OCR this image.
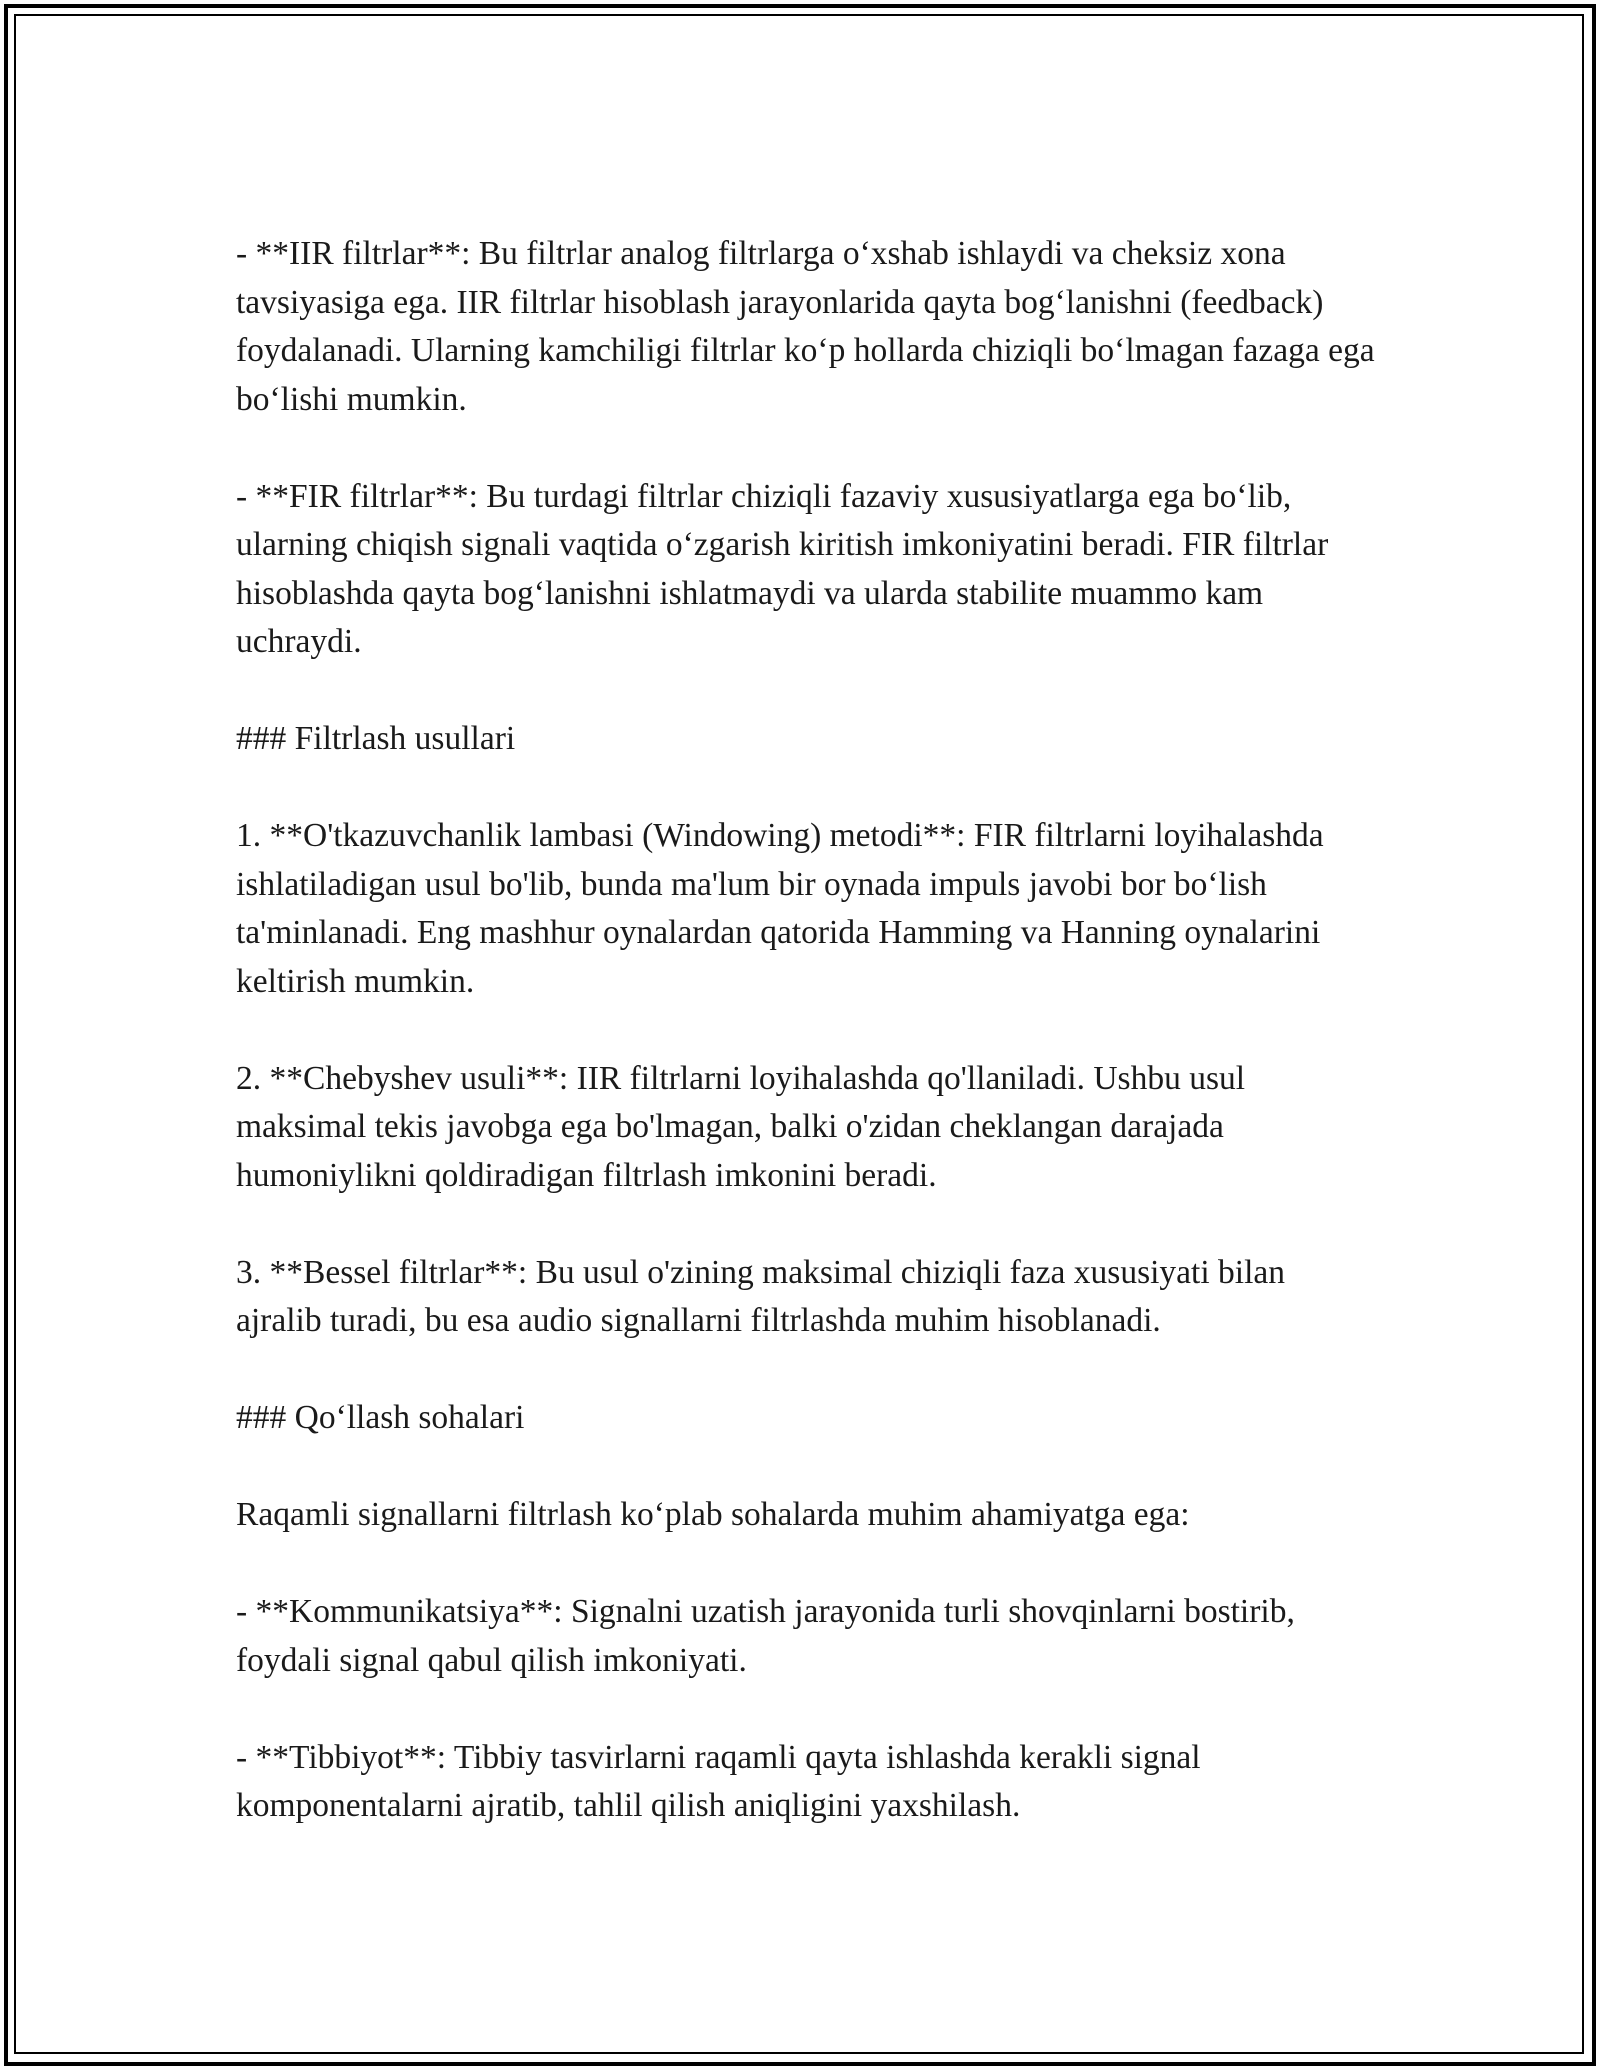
- **IIR filtrlar**: Bu filtrlar analog filtrlarga o‘xshab ishlaydi va cheksiz xona tavsiyasiga ega. IIR filtrlar hisoblash jarayonlarida qayta bog‘lanishni (feedback) foydalanadi. Ularning kamchiligi filtrlar ko‘p hollarda chiziqli bo‘lmagan fazaga ega bo‘lishi mumkin.

- **FIR filtrlar**: Bu turdagi filtrlar chiziqli fazaviy xususiyatlarga ega bo‘lib, ularning chiqish signali vaqtida o‘zgarish kiritish imkoniyatini beradi. FIR filtrlar hisoblashda qayta bog‘lanishni ishlatmaydi va ularda stabilite muammo kam uchraydi.

### Filtrlash usullari

1. **O'tkazuvchanlik lambasi (Windowing) metodi**: FIR filtrlarni loyihalashda ishlatiladigan usul bo'lib, bunda ma'lum bir oynada impuls javobi bor bo‘lish ta'minlanadi. Eng mashhur oynalardan qatorida Hamming va Hanning oynalarini keltirish mumkin.

2. **Chebyshev usuli**: IIR filtrlarni loyihalashda qo'llaniladi. Ushbu usul maksimal tekis javobga ega bo'lmagan, balki o'zidan cheklangan darajada humoniylikni qoldiradigan filtrlash imkonini beradi.

3. **Bessel filtrlar**: Bu usul o'zining maksimal chiziqli faza xususiyati bilan ajralib turadi, bu esa audio signallarni filtrlashda muhim hisoblanadi.

### Qo‘llash sohalari

Raqamli signallarni filtrlash ko‘plab sohalarda muhim ahamiyatga ega:

- **Kommunikatsiya**: Signalni uzatish jarayonida turli shovqinlarni bostirib, foydali signal qabul qilish imkoniyati.

- **Tibbiyot**: Tibbiy tasvirlarni raqamli qayta ishlashda kerakli signal komponentalarni ajratib, tahlil qilish aniqligini yaxshilash.
